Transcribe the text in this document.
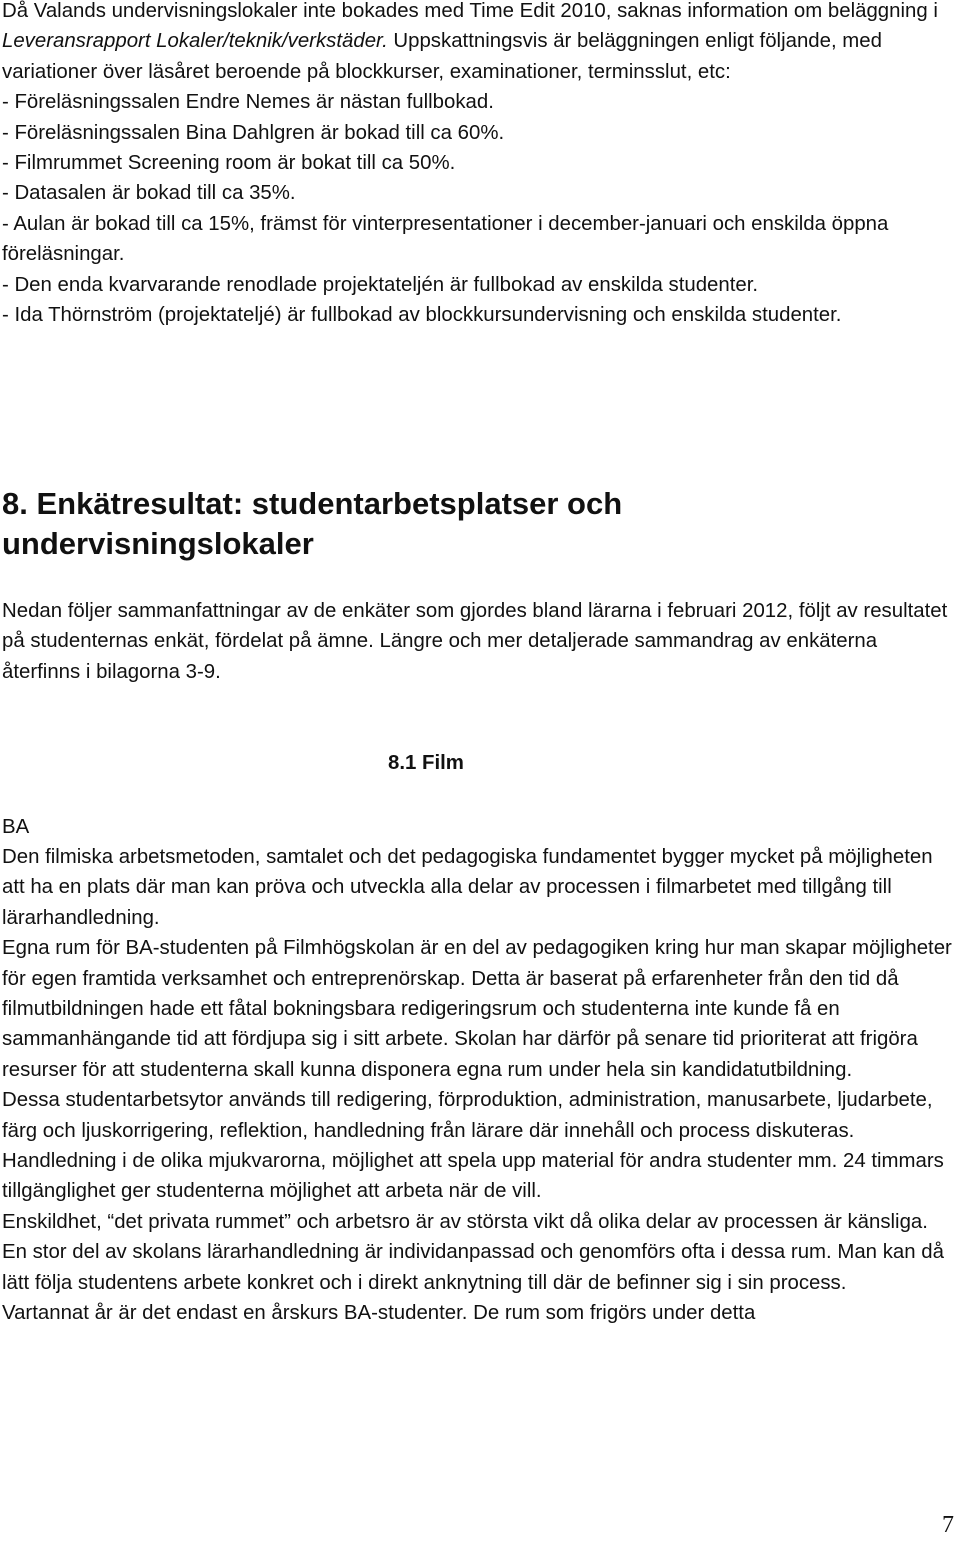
Då Valands undervisningslokaler inte bokades med Time Edit 2010, saknas information om beläggning i Leveransrapport Lokaler/teknik/verkstäder. Uppskattningsvis är beläggningen enligt följande, med variationer över läsåret beroende på blockkurser, examinationer, terminsslut, etc:

- Föreläsningssalen Endre Nemes är nästan fullbokad.

- Föreläsningssalen Bina Dahlgren är bokad till ca 60%.

- Filmrummet Screening room är bokat till ca 50%.

- Datasalen är bokad till ca 35%.

- Aulan är bokad till ca 15%, främst för vinterpresentationer i december-januari och enskilda öppna föreläsningar.

- Den enda kvarvarande renodlade projektateljén är fullbokad av enskilda studenter.

- Ida Thörnström (projektateljé) är fullbokad av blockkursundervisning och enskilda studenter.

8. Enkätresultat: studentarbetsplatser och undervisningslokaler

Nedan följer sammanfattningar av de enkäter som gjordes bland lärarna i februari 2012, följt av resultatet på studenternas enkät, fördelat på ämne. Längre och mer detaljerade sammandrag av enkäterna återfinns i bilagorna 3-9.

8.1 Film

BA

Den filmiska arbetsmetoden, samtalet och det pedagogiska fundamentet bygger mycket på möjligheten att ha en plats där man kan pröva och utveckla alla delar av processen i filmarbetet med tillgång till lärarhandledning.

Egna rum för BA-studenten på Filmhögskolan är en del av pedagogiken kring hur man skapar möjligheter för egen framtida verksamhet och entreprenörskap. Detta är baserat på erfarenheter från den tid då filmutbildningen hade ett fåtal bokningsbara redigeringsrum och studenterna inte kunde få en sammanhängande tid att fördjupa sig i sitt arbete. Skolan har därför på senare tid prioriterat att frigöra resurser för att studenterna skall kunna disponera egna rum under hela sin kandidatutbildning.

Dessa studentarbetsytor används till redigering, förproduktion, administration, manusarbete, ljudarbete, färg och ljuskorrigering, reflektion, handledning från lärare där innehåll och process diskuteras. Handledning i de olika mjukvarorna, möjlighet att spela upp material för andra studenter mm. 24 timmars tillgänglighet ger studenterna möjlighet att arbeta när de vill.

Enskildhet, “det privata rummet” och arbetsro är av största vikt då olika delar av processen är känsliga.

En stor del av skolans lärarhandledning är individanpassad och genomförs ofta i dessa rum. Man kan då lätt följa studentens arbete konkret och i direkt anknytning till där de befinner sig i sin process.

Vartannat år är det endast en årskurs BA-studenter. De rum som frigörs under detta

7
